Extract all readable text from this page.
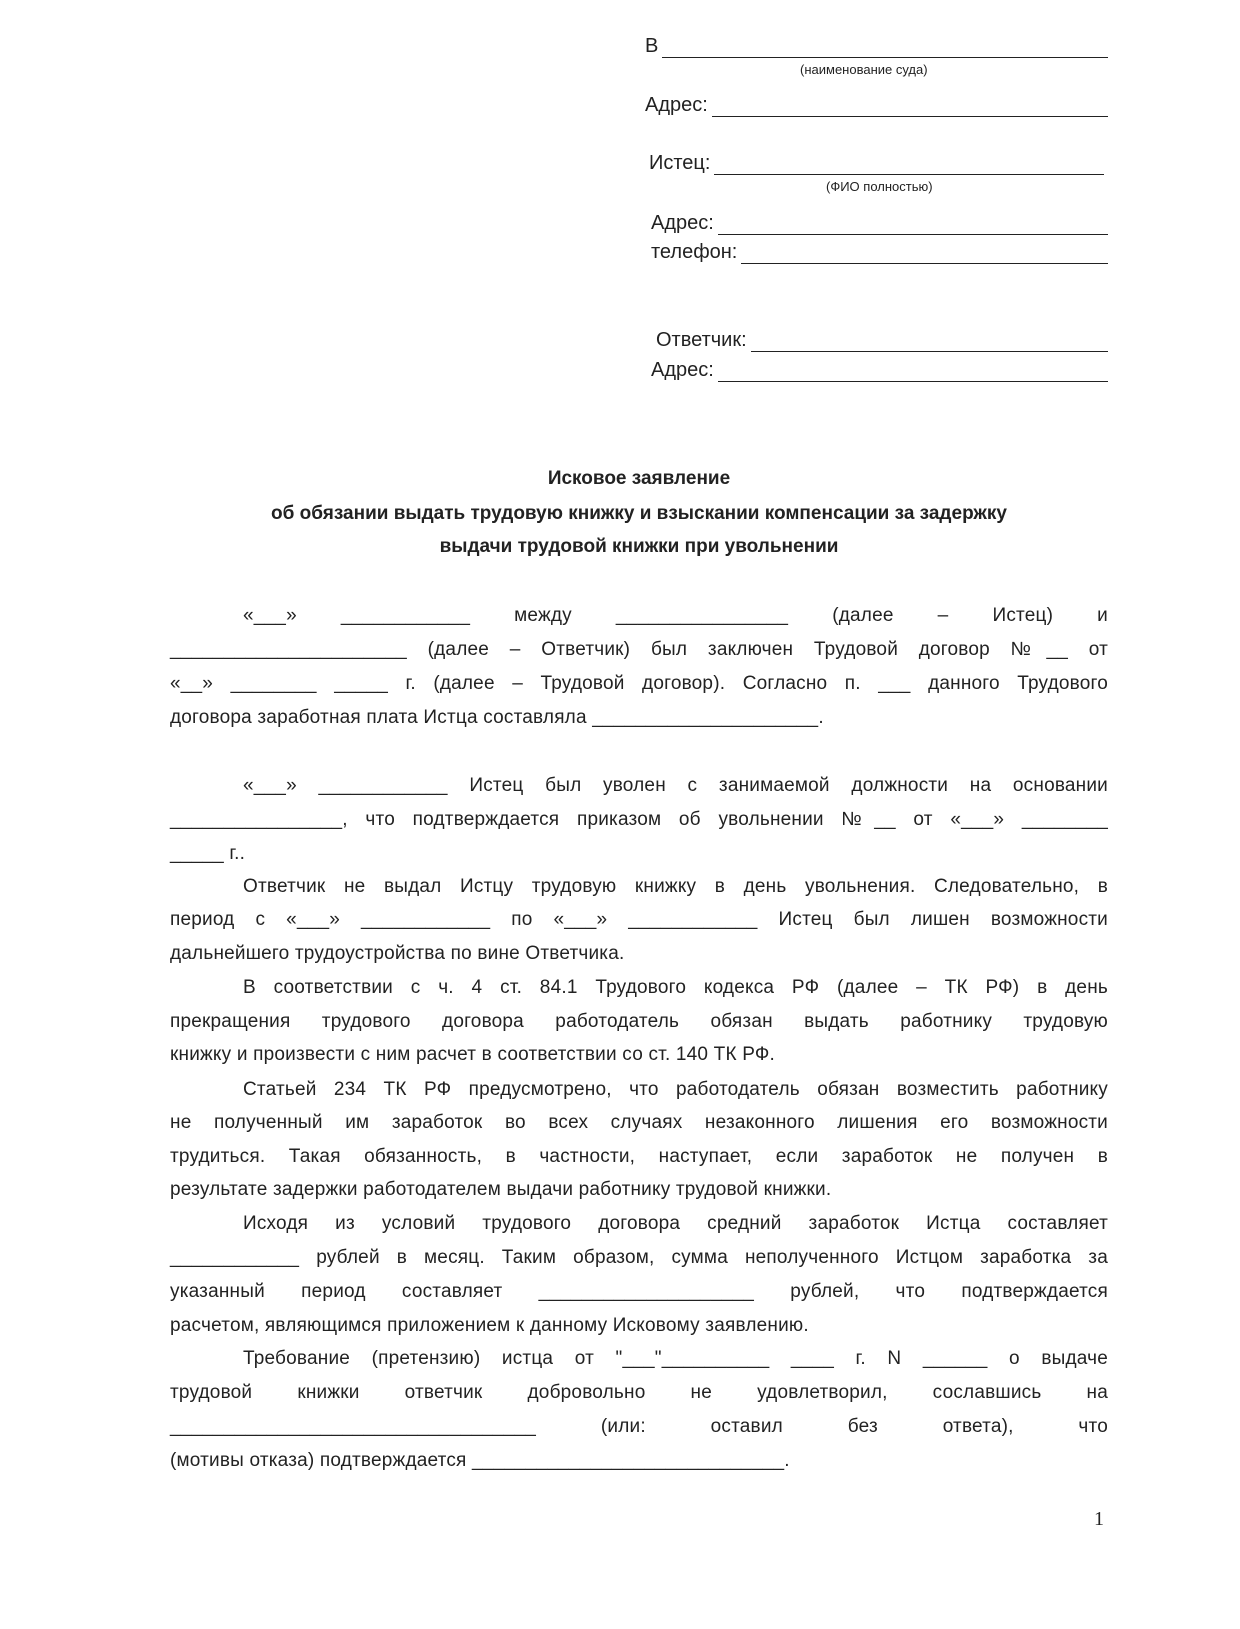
В
(наименование суда)
Адрес:
Истец:
(ФИО полностью)
Адрес:
телефон:
Ответчик:
Адрес:
Исковое заявление
об обязании выдать трудовую книжку и взыскании компенсации за задержку
выдачи трудовой книжки при увольнении
«___» ____________ между ________________ (далее – Истец) и
______________________ (далее – Ответчик) был заключен Трудовой договор №__ от
«__» ________ _____ г. (далее – Трудовой договор). Согласно п. ___ данного Трудового
договора заработная плата Истца составляла _____________________.
«___» ____________ Истец был уволен с занимаемой должности на основании
________________, что подтверждается приказом об увольнении №__ от «___» ________
_____ г..
Ответчик не выдал Истцу трудовую книжку в день увольнения. Следовательно, в
период с «___» ____________ по «___» ____________ Истец был лишен возможности
дальнейшего трудоустройства по вине Ответчика.
В соответствии с ч. 4 ст. 84.1 Трудового кодекса РФ (далее – ТК РФ) в день
прекращения трудового договора работодатель обязан выдать работнику трудовую
книжку и произвести с ним расчет в соответствии со ст. 140 ТК РФ.
Статьей 234 ТК РФ предусмотрено, что работодатель обязан возместить работнику
не полученный им заработок во всех случаях незаконного лишения его возможности
трудиться. Такая обязанность, в частности, наступает, если заработок не получен в
результате задержки работодателем выдачи работнику трудовой книжки.
Исходя из условий трудового договора средний заработок Истца составляет
____________ рублей в месяц. Таким образом, сумма неполученного Истцом заработка за
указанный период составляет ____________________ рублей, что подтверждается
расчетом, являющимся приложением к данному Исковому заявлению.
Требование (претензию) истца от "___"__________ ____ г. N ______ о выдаче
трудовой книжки ответчик добровольно не удовлетворил, сославшись на
__________________________________ (или: оставил без ответа), что
(мотивы отказа) подтверждается _____________________________.
1
